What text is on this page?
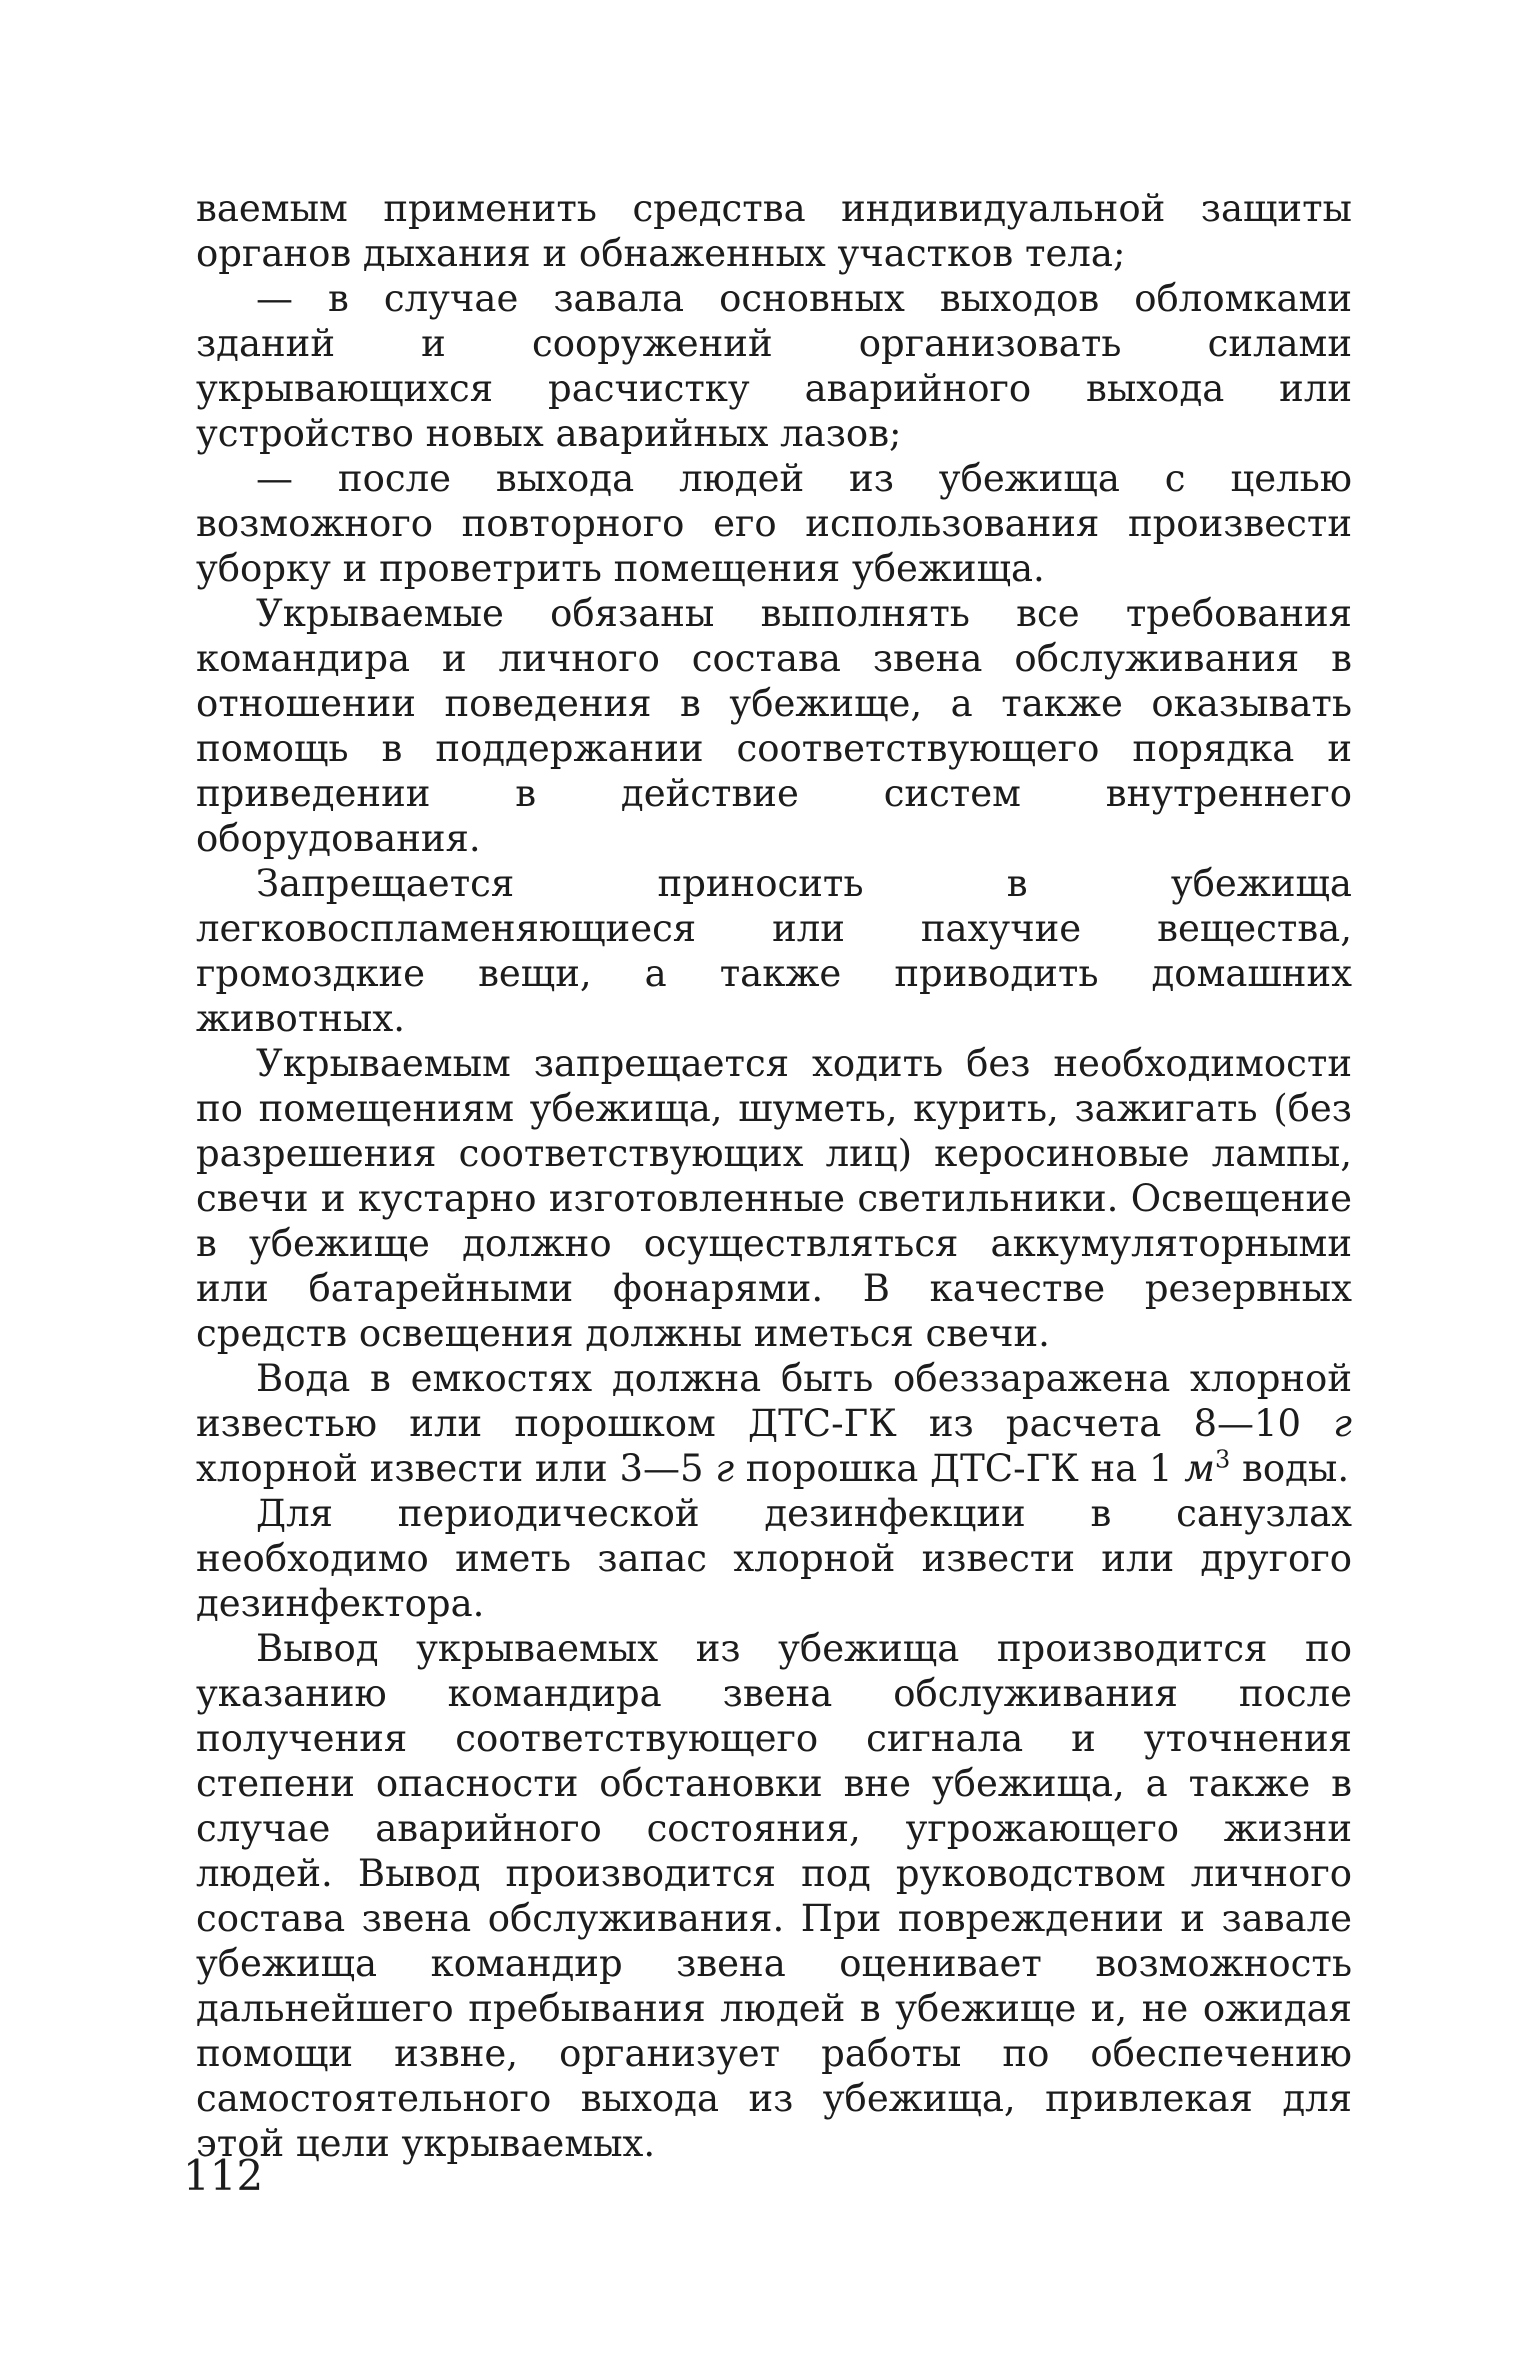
ваемым применить средства индивидуальной защиты органов дыхания и обнаженных участков тела;

— в случае завала основных выходов обломками зданий и сооружений организовать силами укрывающихся расчистку аварийного выхода или устройство новых аварийных лазов;

— после выхода людей из убежища с целью возможного повторного его использования произвести уборку и проветрить помещения убежища.

Укрываемые обязаны выполнять все требования командира и личного состава звена обслуживания в отношении поведения в убежище, а также оказывать помощь в поддержании соответствующего порядка и приведении в действие систем внутреннего оборудования.

Запрещается приносить в убежища легковоспламеняющиеся или пахучие вещества, громоздкие вещи, а также приводить домашних животных.

Укрываемым запрещается ходить без необходимости по помещениям убежища, шуметь, курить, зажигать (без разрешения соответствующих лиц) керосиновые лампы, свечи и кустарно изготовленные светильники. Освещение в убежище должно осуществляться аккумуляторными или батарейными фонарями. В качестве резервных средств освещения должны иметься свечи.

Вода в емкостях должна быть обеззаражена хлорной известью или порошком ДТС-ГК из расчета 8—10 г хлорной извести или 3—5 г порошка ДТС-ГК на 1 $м^3$ воды.

Для периодической дезинфекции в санузлах необходимо иметь запас хлорной извести или другого дезинфектора.

Вывод укрываемых из убежища производится по указанию командира звена обслуживания после получения соответствующего сигнала и уточнения степени опасности обстановки вне убежища, а также в случае аварийного состояния, угрожающего жизни людей. Вывод производится под руководством личного состава звена обслуживания. При повреждении и завале убежища командир звена оценивает возможность дальнейшего пребывания людей в убежище и, не ожидая помощи извне, организует работы по обеспечению самостоятельного выхода из убежища, привлекая для этой цели укрываемых.

112
